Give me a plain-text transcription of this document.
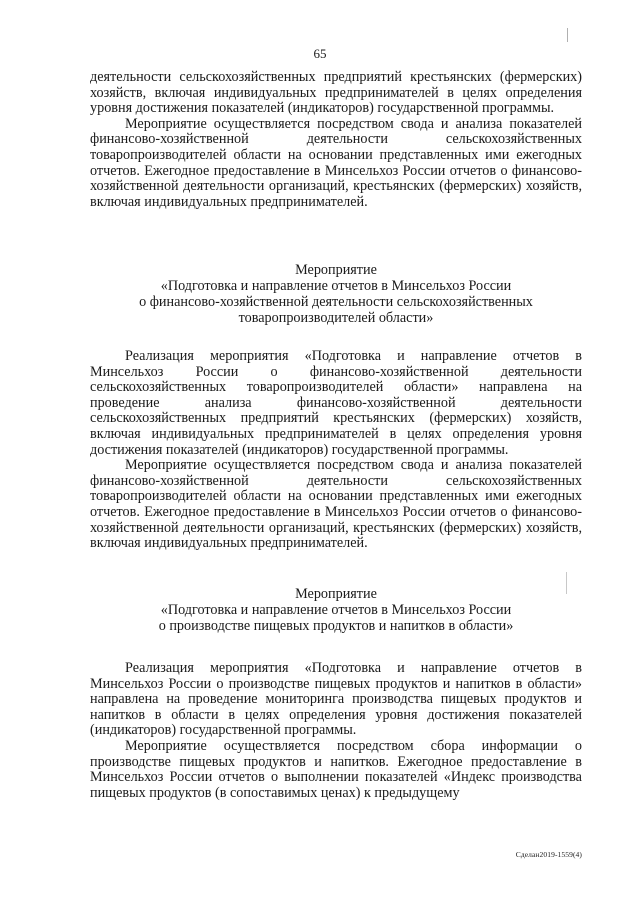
65

деятельности сельскохозяйственных предприятий крестьянских (фермерских) хозяйств, включая индивидуальных предпринимателей в целях определения уровня достижения показателей (индикаторов) государственной программы.

Мероприятие осуществляется посредством свода и анализа показателей финансово-хозяйственной деятельности сельскохозяйственных товаропроизводителей области на основании представленных ими ежегодных отчетов. Ежегодное предоставление в Минсельхоз России отчетов о финансово-хозяйственной деятельности организаций, крестьянских (фермерских) хозяйств, включая индивидуальных предпринимателей.

Мероприятие
«Подготовка и направление отчетов в Минсельхоз России
о финансово-хозяйственной деятельности сельскохозяйственных
товаропроизводителей области»

Реализация мероприятия «Подготовка и направление отчетов в Минсельхоз России о финансово-хозяйственной деятельности сельскохозяйственных товаропроизводителей области» направлена на проведение анализа финансово-хозяйственной деятельности сельскохозяйственных предприятий крестьянских (фермерских) хозяйств, включая индивидуальных предпринимателей в целях определения уровня достижения показателей (индикаторов) государственной программы.

Мероприятие осуществляется посредством свода и анализа показателей финансово-хозяйственной деятельности сельскохозяйственных товаропроизводителей области на основании представленных ими ежегодных отчетов. Ежегодное предоставление в Минсельхоз России отчетов о финансово-хозяйственной деятельности организаций, крестьянских (фермерских) хозяйств, включая индивидуальных предпринимателей.

Мероприятие
«Подготовка и направление отчетов в Минсельхоз России
о производстве пищевых продуктов и напитков в области»

Реализация мероприятия «Подготовка и направление отчетов в Минсельхоз России о производстве пищевых продуктов и напитков в области» направлена на проведение мониторинга производства пищевых продуктов и напитков в области в целях определения уровня достижения показателей (индикаторов) государственной программы.

Мероприятие осуществляется посредством сбора информации о производстве пищевых продуктов и напитков. Ежегодное предоставление в Минсельхоз России отчетов о выполнении показателей «Индекс производства пищевых продуктов (в сопоставимых ценах) к предыдущему

Сделан2019-1559(4)
